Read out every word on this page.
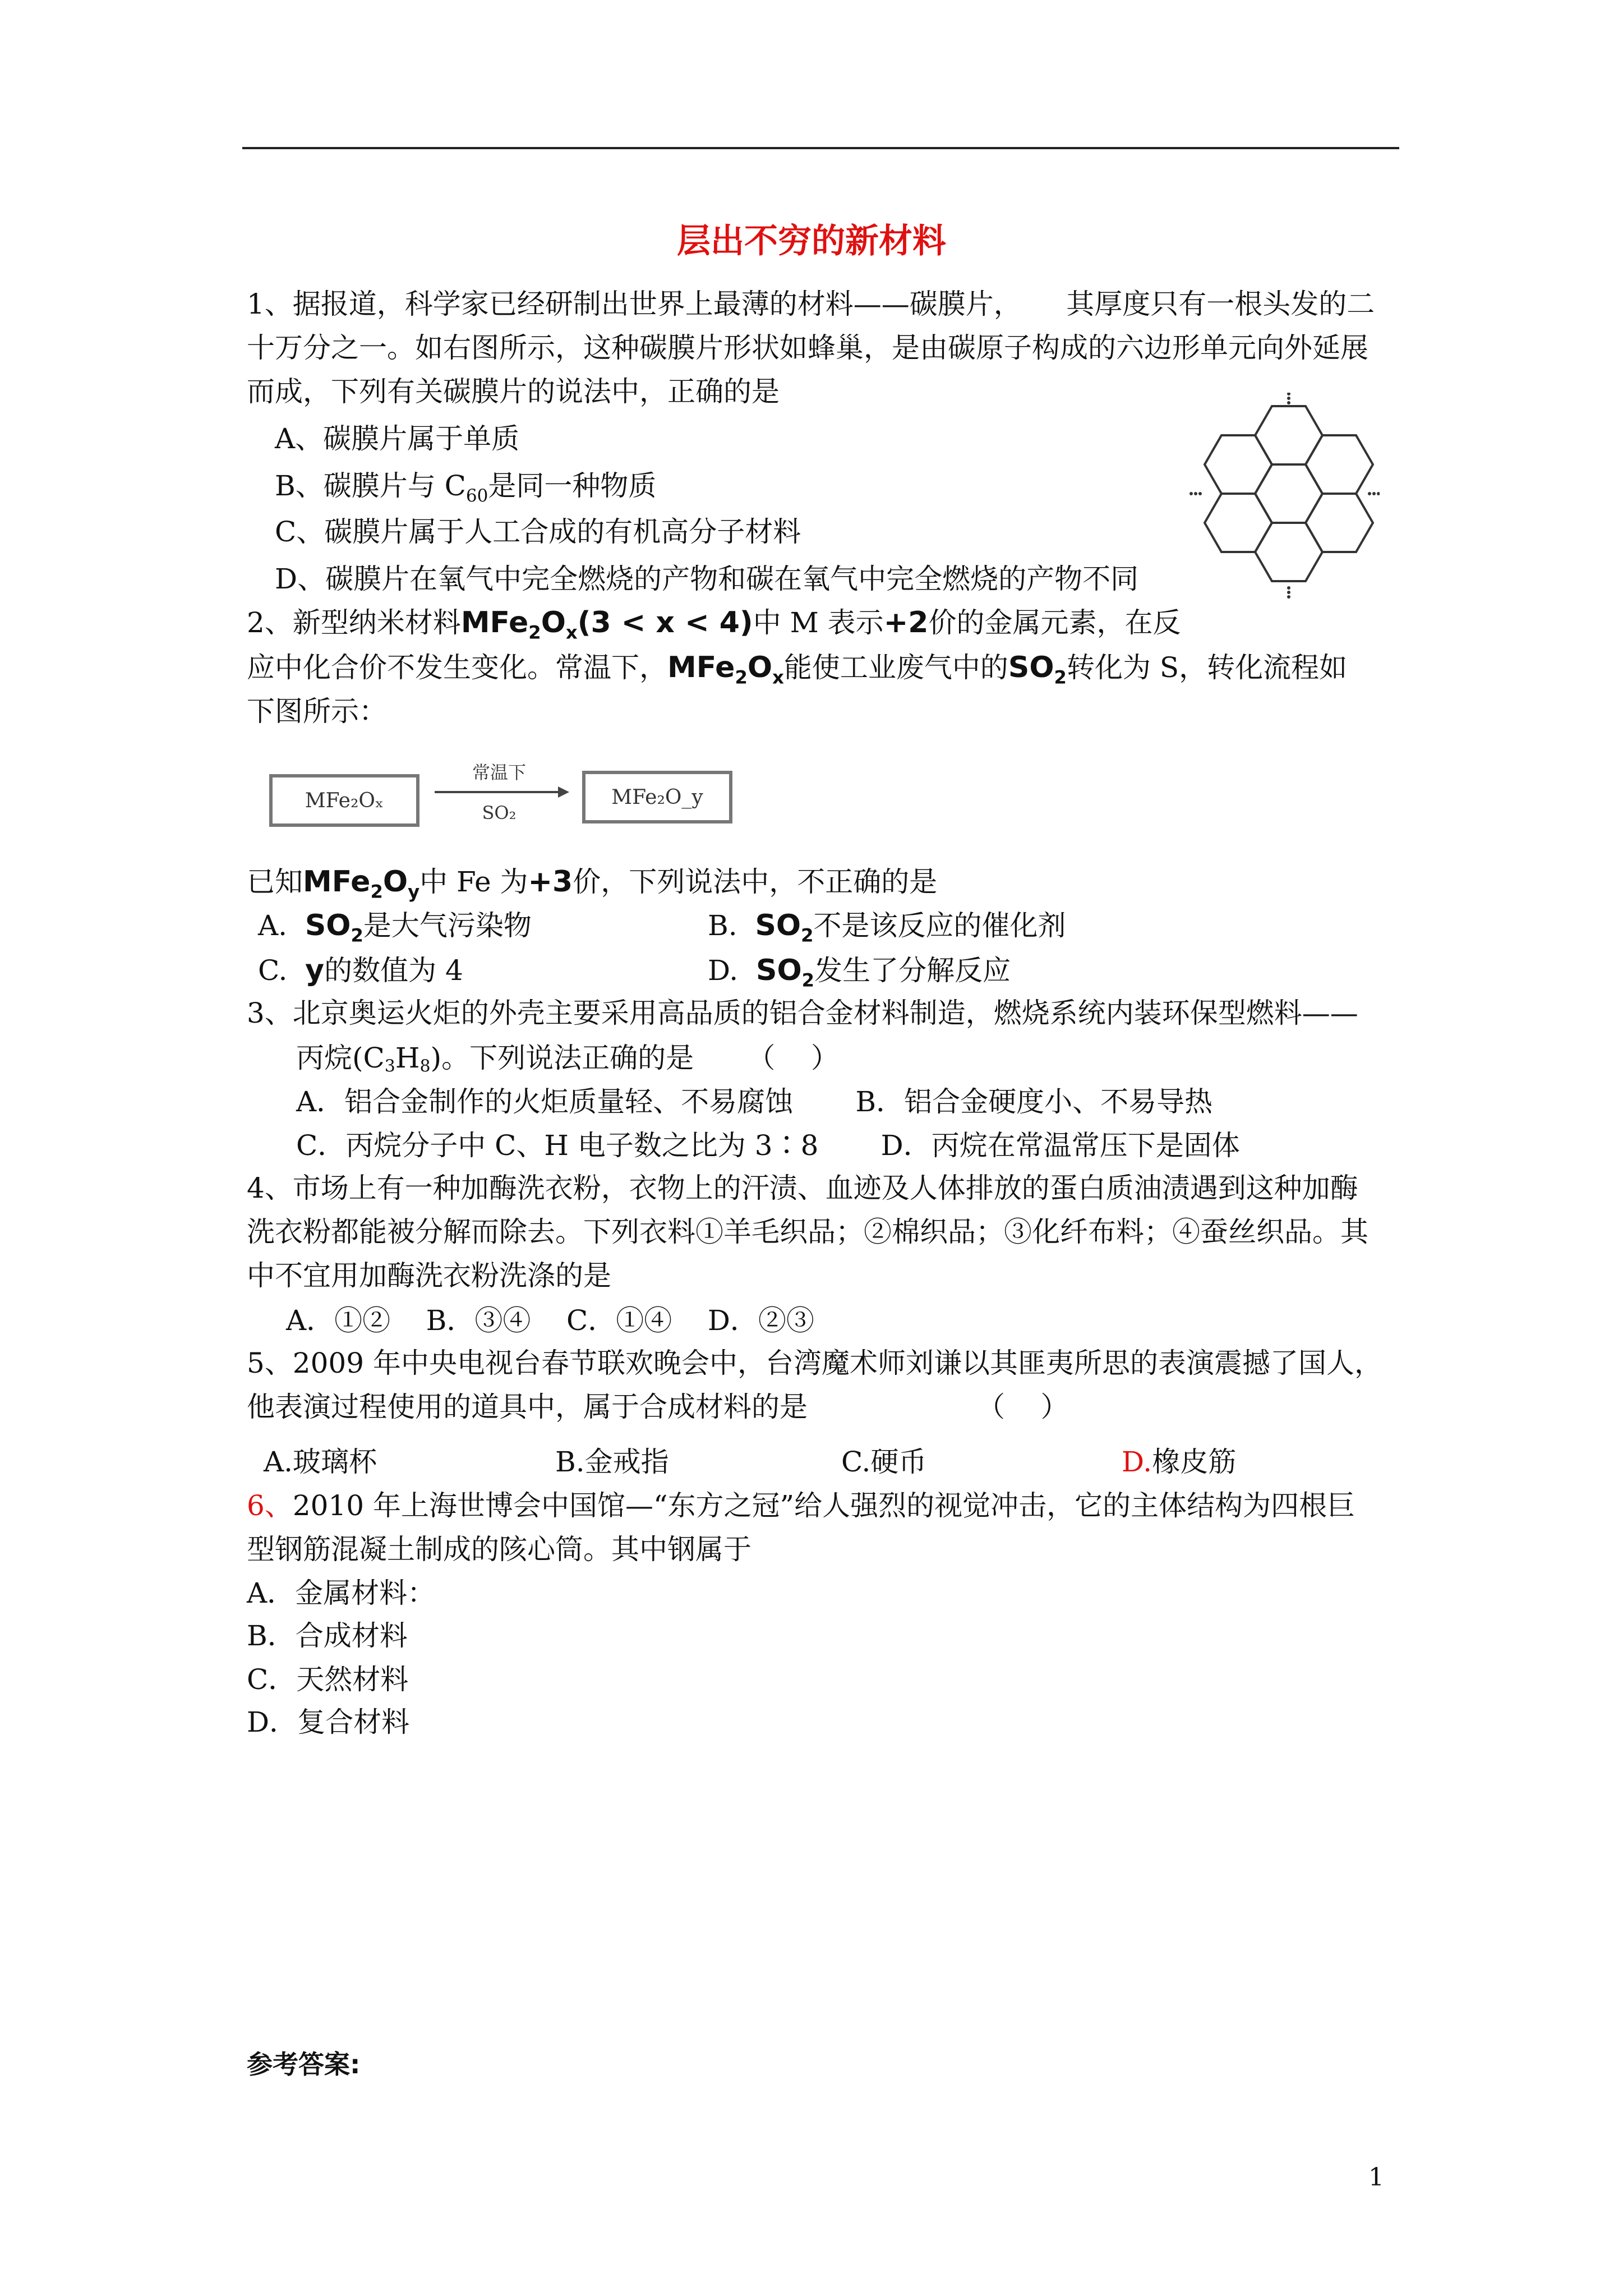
层出不穷的新材料
1、据报道，科学家已经研制出世界上最薄的材料——碳膜片，     其厚度只有一根头发的二
十万分之一。如右图所示，这种碳膜片形状如蜂巢，是由碳原子构成的六边形单元向外延展
而成，下列有关碳膜片的说法中，正确的是
A、碳膜片属于单质
B、碳膜片与 $C_{60}$是同一种物质
C、碳膜片属于人工合成的有机高分子材料
D、碳膜片在氧气中完全燃烧的产物和碳在氧气中完全燃烧的产物不同
2、新型纳米材料$MFe_2O_x(3 < x < 4)$中 M 表示+2价的金属元素，在反
应中化合价不发生变化。常温下，$MFe_2O_x$能使工业废气中的$SO_2$转化为 S，转化流程如
下图所示：
MFe₂Oₓ
常温下
SO₂
MFe₂O_y
已知$MFe_2O_y$中 Fe 为+3价，下列说法中，不正确的是
A. $SO_2$是大气污染物	B. $SO_2$不是该反应的催化剂
C. y的数值为 4	D. $SO_2$发生了分解反应
3、北京奥运火炬的外壳主要采用高品质的铝合金材料制造，燃烧系统内装环保型燃料——
丙烷(C3H8)。下列说法正确的是      （    ）
A．铝合金制作的火炬质量轻、不易腐蚀       B．铝合金硬度小、不易导热
C．丙烷分子中 C、H 电子数之比为 3∶8       D．丙烷在常温常压下是固体
4、市场上有一种加酶洗衣粉，衣物上的汗渍、血迹及人体排放的蛋白质油渍遇到这种加酶
洗衣粉都能被分解而除去。下列衣料①羊毛织品；②棉织品；③化纤布料；④蚕丝织品。其
中不宜用加酶洗衣粉洗涤的是
A．①②    B．③④    C．①④    D．②③
5、2009 年中央电视台春节联欢晚会中，台湾魔术师刘谦以其匪夷所思的表演震撼了国人，
他表演过程使用的道具中，属于合成材料的是                   （    ）
A.玻璃杯	B.金戒指	C.硬币	D.橡皮筋
6、2010 年上海世博会中国馆—“东方之冠”给人强烈的视觉冲击，它的主体结构为四根巨
型钢筋混凝土制成的陔心筒。其中钢属于
A．金属材料：
B．合成材料
C．天然材料
D．复合材料
参考答案:
1
